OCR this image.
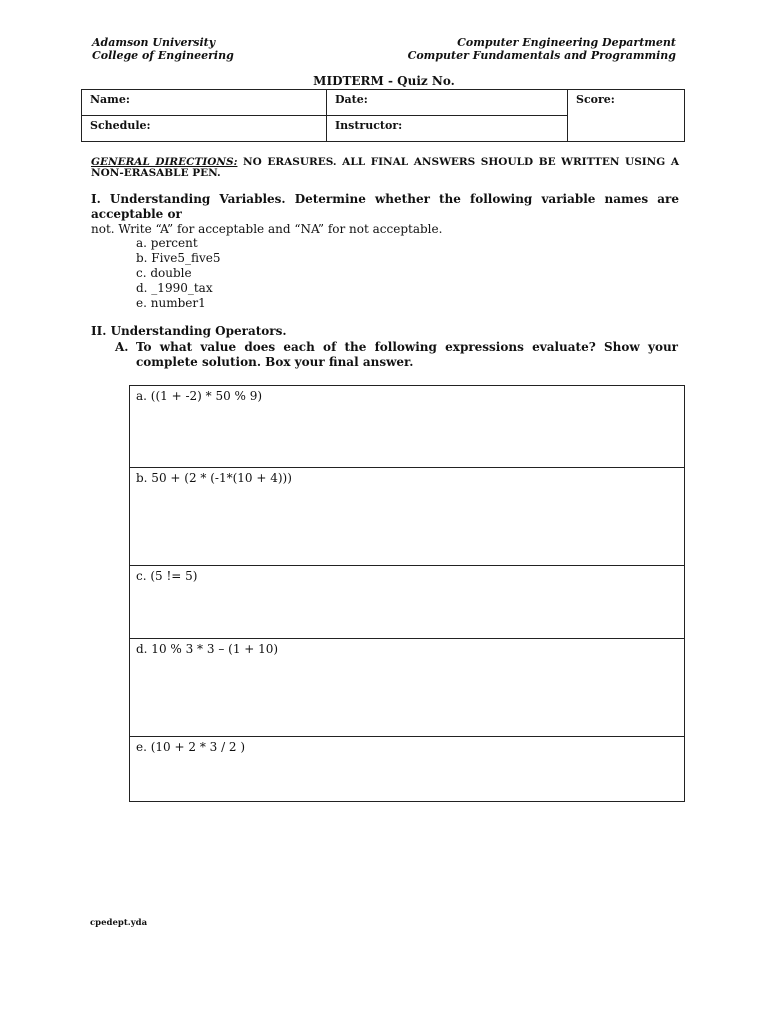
Adamson University
College of Engineering
Computer Engineering Department
Computer Fundamentals and Programming
MIDTERM - Quiz No.
Name:	Date:	Score:
Schedule:	Instructor:	
GENERAL DIRECTIONS: NO ERASURES. ALL FINAL ANSWERS SHOULD BE WRITTEN USING A NON-ERASABLE PEN.
I. Understanding Variables. Determine whether the following variable names are acceptable or
not. Write “A” for acceptable and “NA” for not acceptable.
a. percent
b. Five5_five5
c. double
d. _1990_tax
e. number1
II. Understanding Operators.
A. To what value does each of the following expressions evaluate? Show your complete solution. Box your final answer.
a. ((1 + -2) * 50 % 9)
b. 50 + (2 * (-1*(10 + 4)))
c. (5 != 5)
d. 10 % 3 * 3 – (1 + 10)
e. (10 + 2 * 3 / 2 )
cpedept.yda
